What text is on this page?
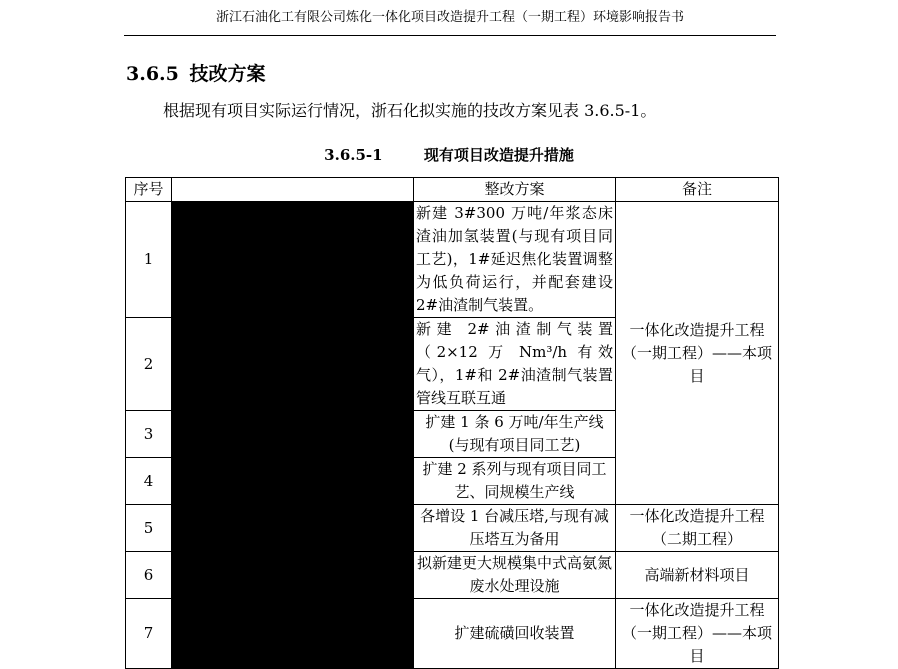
浙江石油化工有限公司炼化一体化项目改造提升工程（一期工程）环境影响报告书
3.6.5 技改方案
根据现有项目实际运行情况，浙石化拟实施的技改方案见表 3.6.5-1。
3.6.5-1	现有项目改造提升措施
序号		整改方案	备注
1		新建 3#300 万吨/年浆态床渣油加氢装置(与现有项目同工艺)，1#延迟焦化装置调整为低负荷运行，并配套建设 2#油渣制气装置。	一体化改造提升工程（一期工程）——本项目
2		新建 2#油渣制气装置（2×12 万 Nm³/h 有效气），1#和 2#油渣制气装置管线互联互通	
3		扩建 1 条 6 万吨/年生产线(与现有项目同工艺)	
4		扩建 2 系列与现有项目同工艺、同规模生产线	
5		各增设 1 台减压塔,与现有减压塔互为备用	一体化改造提升工程（二期工程）
6		拟新建更大规模集中式高氨氮废水处理设施	高端新材料项目
7		扩建硫磺回收装置	一体化改造提升工程（一期工程）——本项目
